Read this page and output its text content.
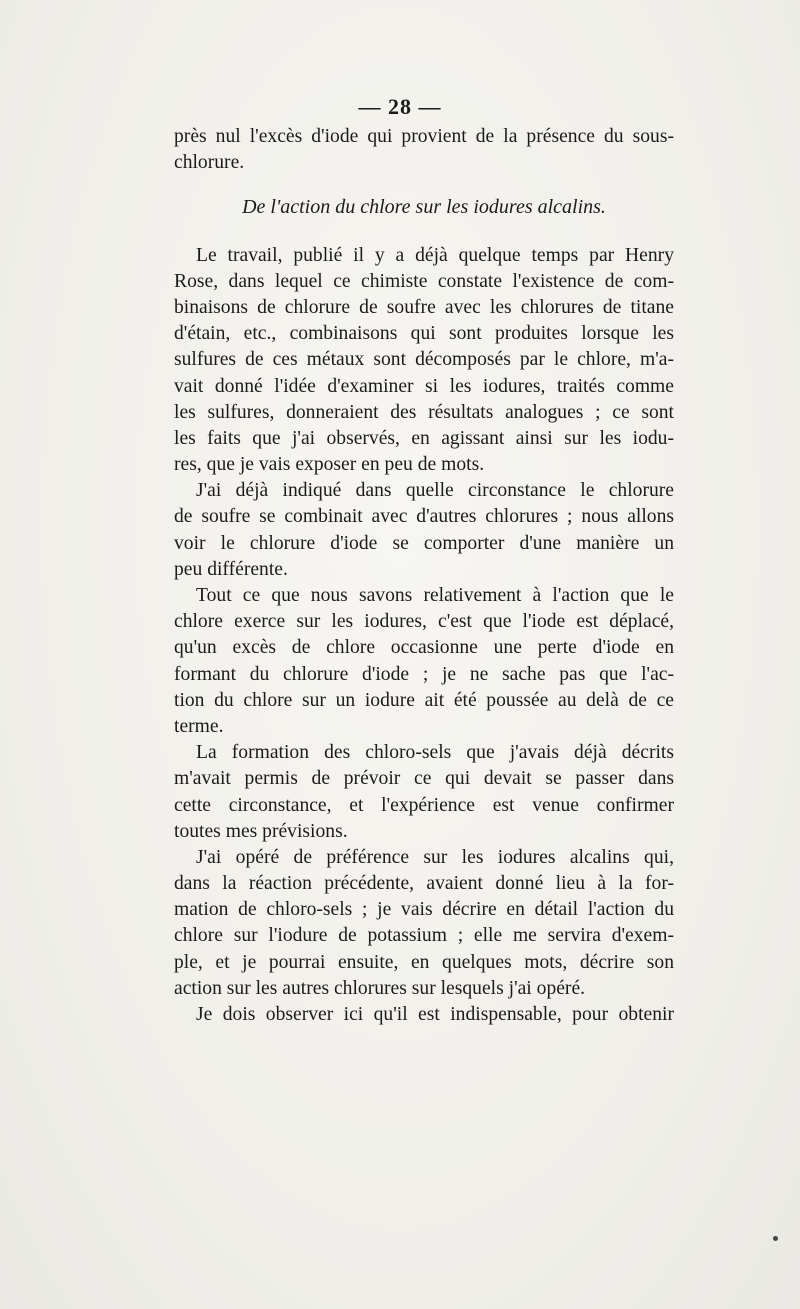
— 28 —
près nul l'excès d'iode qui provient de la présence du sous-
chlorure.
De l'action du chlore sur les iodures alcalins.
Le travail, publié il y a déjà quelque temps par Henry
Rose, dans lequel ce chimiste constate l'existence de com-
binaisons de chlorure de soufre avec les chlorures de titane
d'étain, etc., combinaisons qui sont produites lorsque les
sulfures de ces métaux sont décomposés par le chlore, m'a-
vait donné l'idée d'examiner si les iodures, traités comme
les sulfures, donneraient des résultats analogues ; ce sont
les faits que j'ai observés, en agissant ainsi sur les iodu-
res, que je vais exposer en peu de mots.
J'ai déjà indiqué dans quelle circonstance le chlorure
de soufre se combinait avec d'autres chlorures ; nous allons
voir le chlorure d'iode se comporter d'une manière un
peu différente.
Tout ce que nous savons relativement à l'action que le
chlore exerce sur les iodures, c'est que l'iode est déplacé,
qu'un excès de chlore occasionne une perte d'iode en
formant du chlorure d'iode ; je ne sache pas que l'ac-
tion du chlore sur un iodure ait été poussée au delà de ce
terme.
La formation des chloro-sels que j'avais déjà décrits
m'avait permis de prévoir ce qui devait se passer dans
cette circonstance, et l'expérience est venue confirmer
toutes mes prévisions.
J'ai opéré de préférence sur les iodures alcalins qui,
dans la réaction précédente, avaient donné lieu à la for-
mation de chloro-sels ; je vais décrire en détail l'action du
chlore sur l'iodure de potassium ; elle me servira d'exem-
ple, et je pourrai ensuite, en quelques mots, décrire son
action sur les autres chlorures sur lesquels j'ai opéré.
Je dois observer ici qu'il est indispensable, pour obtenir
